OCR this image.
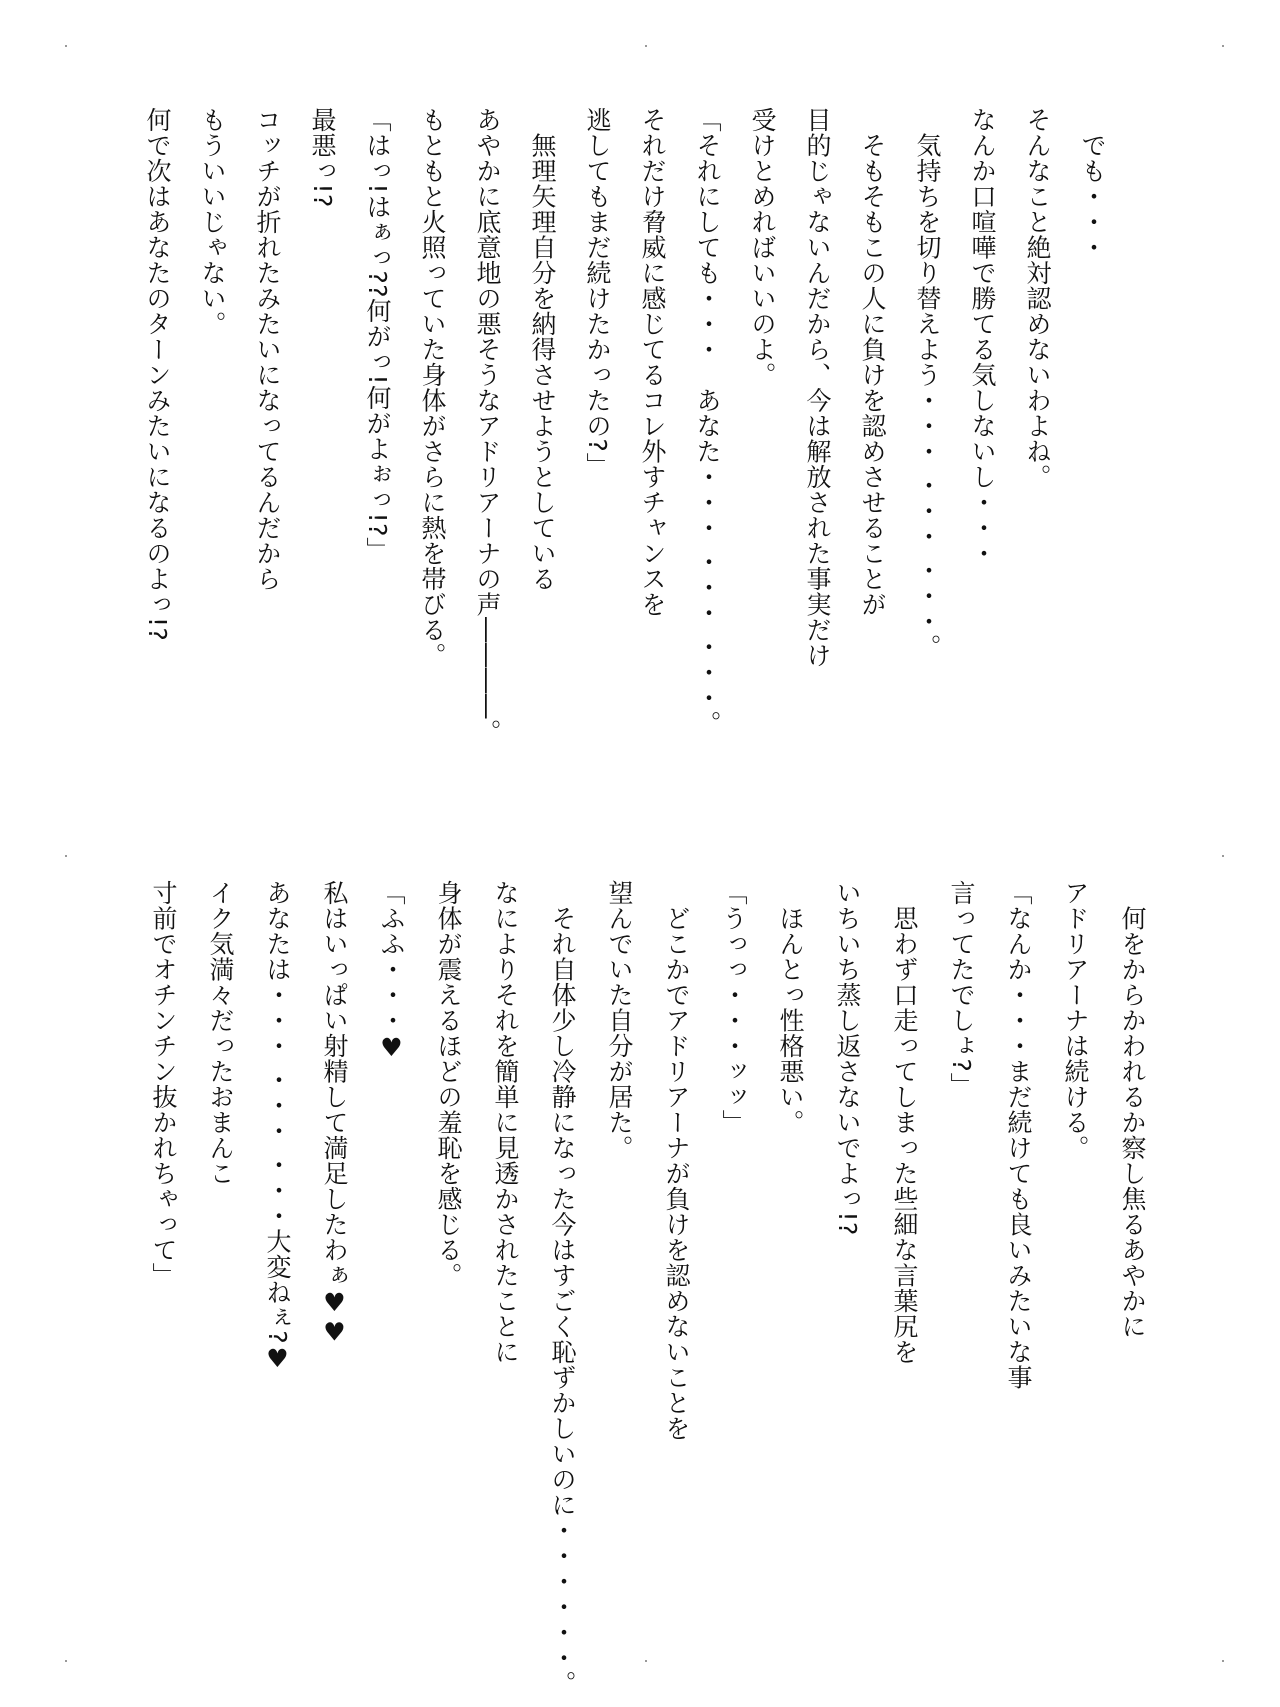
　でも・・・
そんなこと絶対認めないわよね。
なんか口喧嘩で勝てる気しないし・・・
　気持ちを切り替えよう・・・ ・・・ ・・・。
　そもそもこの人に負けを認めさせることが
目的じゃないんだから、今は解放された事実だけ
受けとめればいいのよ。
「それにしても・・・　あなた・・・ ・・・ ・・・。
それだけ脅威に感じてるコレ外すチャンスを
逃してもまだ続けたかったの?」
　無理矢理自分を納得させようとしている
あやかに底意地の悪そうなアドリアーナの声――――。
もともと火照っていた身体がさらに熱を帯びる。
「はっ!はぁっ??何がっ!何がよぉっ!?」
最悪っ!?
コッチが折れたみたいになってるんだから
もういいじゃない。
何で次はあなたのターンみたいになるのよっ!?
　何をからかわれるか察し焦るあやかに
アドリアーナは続ける。
「なんか・・・まだ続けても良いみたいな事
言ってたでしょ?」
　思わず口走ってしまった些細な言葉尻を
いちいち蒸し返さないでよっ!?
　ほんとっ性格悪い。
「うっっ・・・ッッ」
　どこかでアドリアーナが負けを認めないことを
望んでいた自分が居た。
　それ自体少し冷静になった今はすごく恥ずかしいのに・・・・・・。
なによりそれを簡単に見透かされたことに
身体が震えるほどの羞恥を感じる。
「ふふ・・・♥
私はいっぱい射精して満足したわぁ♥♥
あなたは・・・ ・・・ ・・・大変ねぇ?♥
イク気満々だったおまんこ
寸前でオチンチン抜かれちゃって」
